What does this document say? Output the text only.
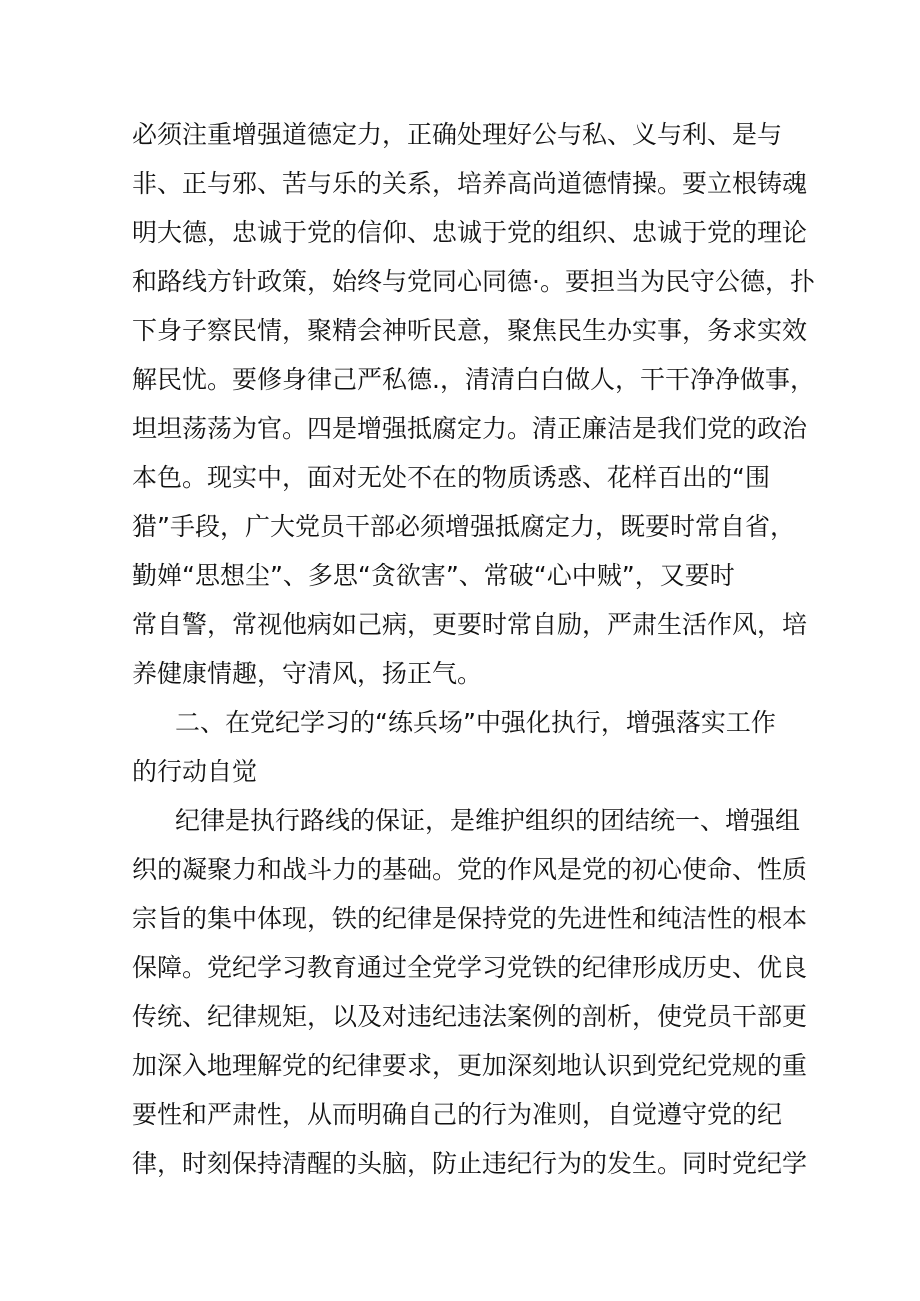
必须注重增强道德定力，正确处理好公与私、义与利、是与
非、正与邪、苦与乐的关系，培养高尚道德情操。要立根铸魂
明大德，忠诚于党的信仰、忠诚于党的组织、忠诚于党的理论
和路线方针政策，始终与党同心同德·。要担当为民守公德，扑
下身子察民情，聚精会神听民意，聚焦民生办实事，务求实效
解民忧。要修身律己严私德.，清清白白做人，干干净净做事，
坦坦荡荡为官。四是增强抵腐定力。清正廉洁是我们党的政治
本色。现实中，面对无处不在的物质诱惑、花样百出的“围
猎”手段，广大党员干部必须增强抵腐定力，既要时常自省，
勤婵“思想尘”、多思“贪欲害”、常破“心中贼”，又要时
常自警，常视他病如己病，更要时常自励，严肃生活作风，培
养健康情趣，守清风，扬正气。
二、在党纪学习的“练兵场”中强化执行，增强落实工作
的行动自觉
纪律是执行路线的保证，是维护组织的团结统一、增强组
织的凝聚力和战斗力的基础。党的作风是党的初心使命、性质
宗旨的集中体现，铁的纪律是保持党的先进性和纯洁性的根本
保障。党纪学习教育通过全党学习党铁的纪律形成历史、优良
传统、纪律规矩，以及对违纪违法案例的剖析，使党员干部更
加深入地理解党的纪律要求，更加深刻地认识到党纪党规的重
要性和严肃性，从而明确自己的行为准则，自觉遵守党的纪
律，时刻保持清醒的头脑，防止违纪行为的发生。同时党纪学
